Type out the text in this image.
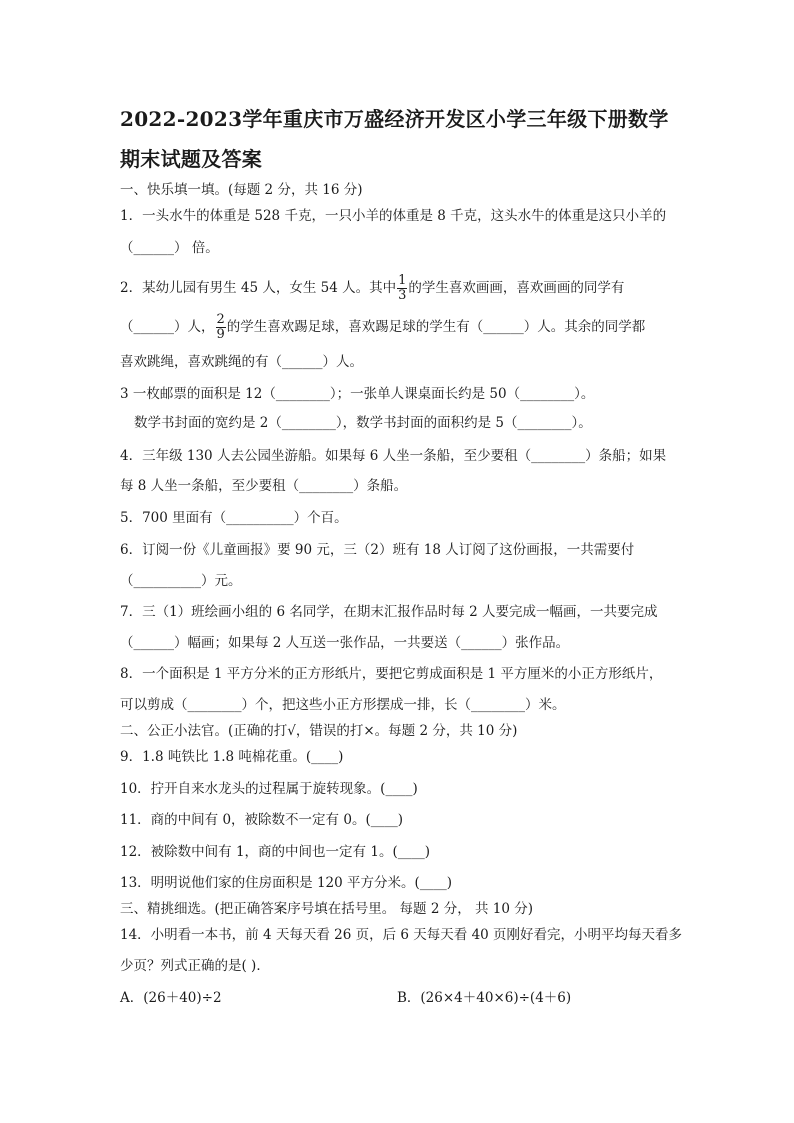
2022-2023学年重庆市万盛经济开发区小学三年级下册数学
期末试题及答案
一、快乐填一填。(每题 2 分，共 16 分)
1．一头水牛的体重是 528 千克，一只小羊的体重是 8 千克，这头水牛的体重是这只小羊的
（______） 倍。
2．某幼儿园有男生 45 人，女生 54 人。其中 $\frac{1}{3}$ 的学生喜欢画画，喜欢画画的同学有
（______）人， $\frac{2}{9}$ 的学生喜欢踢足球，喜欢踢足球的学生有（______）人。其余的同学都
喜欢跳绳，喜欢跳绳的有（______）人。
3 一枚邮票的面积是 12（________）；一张单人课桌面长约是 50（________）。
数学书封面的宽约是 2（________），数学书封面的面积约是 5（________）。
4．三年级 130 人去公园坐游船。如果每 6 人坐一条船，至少要租（________）条船；如果
每 8 人坐一条船，至少要租（________）条船。
5．700 里面有（__________）个百。
6．订阅一份《儿童画报》要 90 元，三（2）班有 18 人订阅了这份画报，一共需要付
（__________）元。
7．三（1）班绘画小组的 6 名同学，在期末汇报作品时每 2 人要完成一幅画，一共要完成
（______）幅画；如果每 2 人互送一张作品，一共要送（______）张作品。
8．一个面积是 1 平方分米的正方形纸片，要把它剪成面积是 1 平方厘米的小正方形纸片，
可以剪成（________）个，把这些小正方形摆成一排，长（________）米。
二、公正小法官。(正确的打√，错误的打×。每题 2 分，共 10 分)
9．1.8 吨铁比 1.8 吨棉花重。(____)
10．拧开自来水龙头的过程属于旋转现象。(____)
11．商的中间有 0，被除数不一定有 0。(____)
12．被除数中间有 1，商的中间也一定有 1。(____)
13．明明说他们家的住房面积是 120 平方分米。(____)
三、精挑细选。(把正确答案序号填在括号里。 每题 2 分， 共 10 分)
14．小明看一本书，前 4 天每天看 26 页，后 6 天每天看 40 页刚好看完，小明平均每天看多
少页？列式正确的是( )．
A．(26＋40)÷2	B．(26×4＋40×6)÷(4＋6)
